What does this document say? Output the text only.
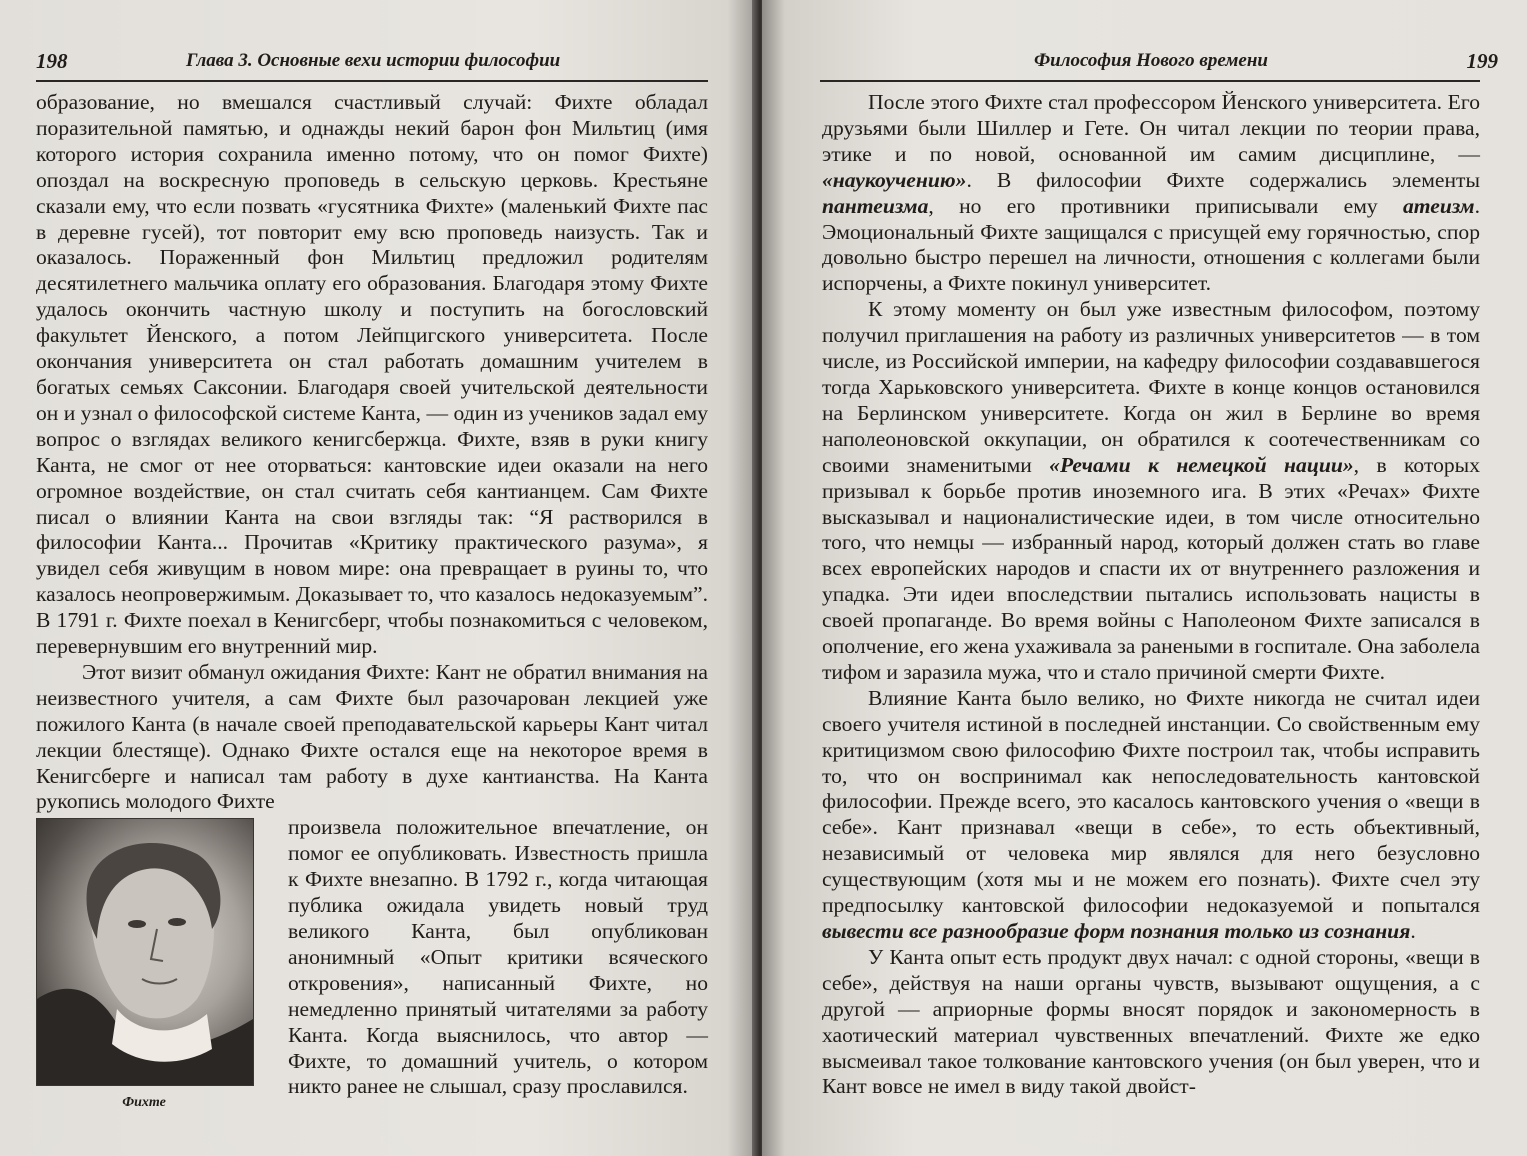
198	Глава 3. Основные вехи истории философии

образование, но вмешался счастливый случай: Фихте обладал поразительной памятью, и однажды некий барон фон Мильтиц (имя которого история сохранила именно потому, что он помог Фихте) опоздал на воскресную проповедь в сельскую церковь. Крестьяне сказали ему, что если позвать «гусятника Фихте» (маленький Фихте пас в деревне гусей), тот повторит ему всю проповедь наизусть. Так и оказалось. Пораженный фон Мильтиц предложил родителям десятилетнего мальчика оплату его образования. Благодаря этому Фихте удалось окончить частную школу и поступить на богословский факультет Йенского, а потом Лейпцигского университета. После окончания университета он стал работать домашним учителем в богатых семьях Саксонии. Благодаря своей учительской деятельности он и узнал о философской системе Канта, — один из учеников задал ему вопрос о взглядах великого кенигсбержца. Фихте, взяв в руки книгу Канта, не смог от нее оторваться: кантовские идеи оказали на него огромное воздействие, он стал считать себя кантианцем. Сам Фихте писал о влиянии Канта на свои взгляды так: “Я растворился в философии Канта... Прочитав «Критику практического разума», я увидел себя живущим в новом мире: она превращает в руины то, что казалось неопровержимым. Доказывает то, что казалось недоказуемым”. В 1791 г. Фихте поехал в Кенигсберг, чтобы познакомиться с человеком, перевернувшим его внутренний мир.

Этот визит обманул ожидания Фихте: Кант не обратил внимания на неизвестного учителя, а сам Фихте был разочарован лекцией уже пожилого Канта (в начале своей преподавательской карьеры Кант читал лекции блестяще). Однако Фихте остался еще на некоторое время в Кенигсберге и написал там работу в духе кантианства. На Канта рукопись молодого Фихте

Фихте

произвела положительное впечатление, он помог ее опубликовать. Известность пришла к Фихте внезапно. В 1792 г., когда читающая публика ожидала увидеть новый труд великого Канта, был опубликован анонимный «Опыт критики всяческого откровения», написанный Фихте, но немедленно принятый читателями за работу Канта. Когда выяснилось, что автор — Фихте, то домашний учитель, о котором никто ранее не слышал, сразу прославился.

Философия Нового времени	199

После этого Фихте стал профессором Йенского университета. Его друзьями были Шиллер и Гете. Он читал лекции по теории права, этике и по новой, основанной им самим дисциплине, — «наукоучению». В философии Фихте содержались элементы пантеизма, но его противники приписывали ему атеизм. Эмоциональный Фихте защищался с присущей ему горячностью, спор довольно быстро перешел на личности, отношения с коллегами были испорчены, а Фихте покинул университет.

К этому моменту он был уже известным философом, поэтому получил приглашения на работу из различных университетов — в том числе, из Российской империи, на кафедру философии создававшегося тогда Харьковского университета. Фихте в конце концов остановился на Берлинском университете. Когда он жил в Берлине во время наполеоновской оккупации, он обратился к соотечественникам со своими знаменитыми «Речами к немецкой нации», в которых призывал к борьбе против иноземного ига. В этих «Речах» Фихте высказывал и националистические идеи, в том числе относительно того, что немцы — избранный народ, который должен стать во главе всех европейских народов и спасти их от внутреннего разложения и упадка. Эти идеи впоследствии пытались использовать нацисты в своей пропаганде. Во время войны с Наполеоном Фихте записался в ополчение, его жена ухаживала за ранеными в госпитале. Она заболела тифом и заразила мужа, что и стало причиной смерти Фихте.

Влияние Канта было велико, но Фихте никогда не считал идеи своего учителя истиной в последней инстанции. Со свойственным ему критицизмом свою философию Фихте построил так, чтобы исправить то, что он воспринимал как непоследовательность кантовской философии. Прежде всего, это касалось кантовского учения о «вещи в себе». Кант признавал «вещи в себе», то есть объективный, независимый от человека мир являлся для него безусловно существующим (хотя мы и не можем его познать). Фихте счел эту предпосылку кантовской философии недоказуемой и попытался вывести все разнообразие форм познания только из сознания.

У Канта опыт есть продукт двух начал: с одной стороны, «вещи в себе», действуя на наши органы чувств, вызывают ощущения, а с другой — априорные формы вносят порядок и закономерность в хаотический материал чувственных впечатлений. Фихте же едко высмеивал такое толкование кантовского учения (он был уверен, что и Кант вовсе не имел в виду такой двойст-
